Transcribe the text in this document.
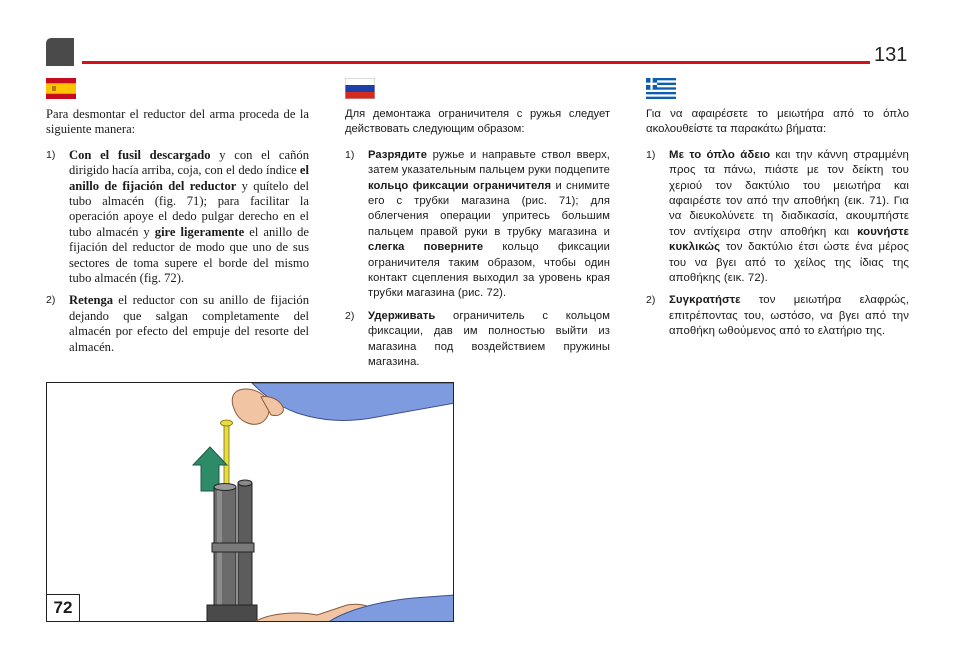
131

Para desmontar el reductor del arma proceda de la siguiente manera:

1) Con el fusil descargado y con el cañón dirigido hacía arriba, coja, con el dedo índice el anillo de fijación del reductor y quítelo del tubo almacén (fig. 71); para facilitar la operación apoye el dedo pulgar derecho en el tubo almacén y gire ligeramente el anillo de fijación del reductor de modo que uno de sus sectores de toma supere el borde del mismo tubo almacén (fig. 72).
2) Retenga el reductor con su anillo de fijación dejando que salgan completamente del almacén por efecto del empuje del resorte del almacén.

Для демонтажа ограничителя с ружья следует действовать следующим образом:

1) Разрядите ружье и направьте ствол вверх, затем указательным пальцем руки подцепите кольцо фиксации ограничителя и снимите его с трубки магазина (рис. 71); для облегчения операции упритесь большим пальцем правой руки в трубку магазина и слегка поверните кольцо фиксации ограничителя таким образом, чтобы один контакт сцепления выходил за уровень края трубки магазина (рис. 72).
2) Удерживать ограничитель с кольцом фиксации, дав им полностью выйти из магазина под воздействием пружины магазина.

Για να αφαιρέσετε το μειωτήρα από το όπλο ακολουθείστε τα παρακάτω βήματα:

1) Με το όπλο άδειο και την κάννη στραμμένη προς τα πάνω, πιάστε με τον δείκτη του χεριού τον δακτύλιο του μειωτήρα και αφαιρέστε τον από την αποθήκη (εικ. 71). Για να διευκολύνετε τη διαδικασία, ακουμπήστε τον αντίχειρα στην αποθήκη και κουνήστε κυκλικώς τον δακτύλιο έτσι ώστε ένα μέρος του να βγει από το χείλος της ίδιας της αποθήκης (εικ. 72).
2) Συγκρατήστε τον μειωτήρα ελαφρώς, επιτρέποντας του, ωστόσο, να βγει από την αποθήκη ωθούμενος από το ελατήριο της.
72
